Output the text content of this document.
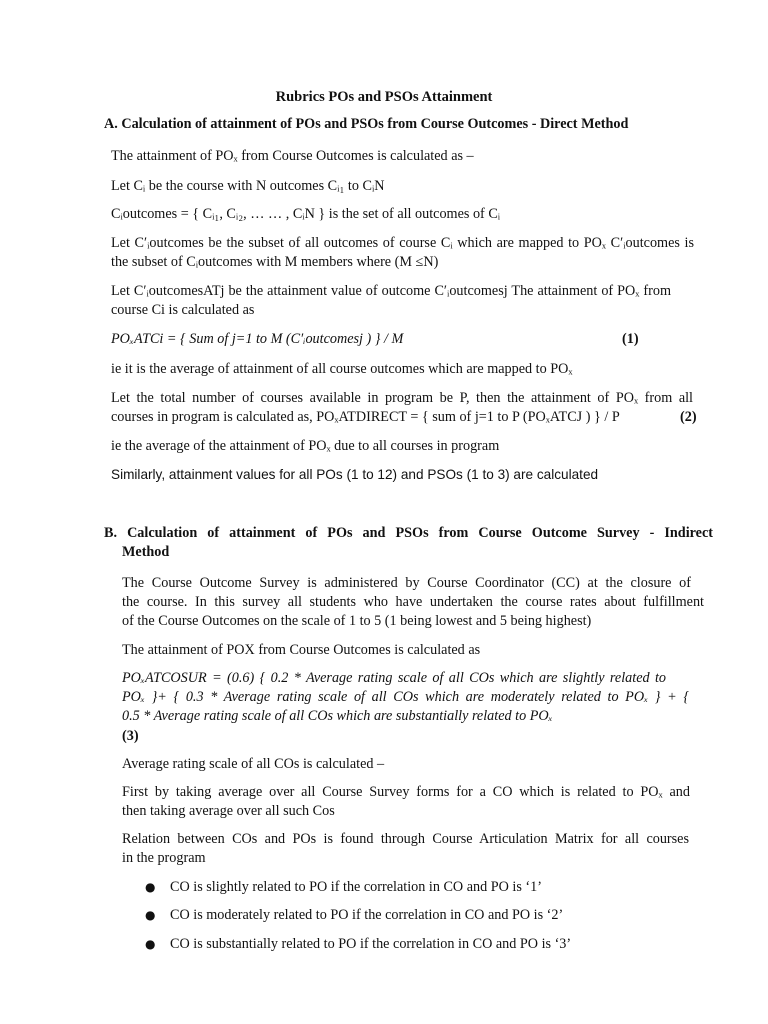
Rubrics POs and PSOs Attainment
A. Calculation of attainment of POs and PSOs from Course Outcomes - Direct Method
The attainment of POₓ from Course Outcomes is calculated as –
Let Cᵢ be the course with N outcomes Cᵢ₁ to CᵢN
Cᵢoutcomes = { Cᵢ₁, Cᵢ₂, … … , CᵢN } is the set of all outcomes of Cᵢ
Let C′ᵢoutcomes be the subset of all outcomes of course Cᵢ which are mapped to POₓ C′ᵢoutcomes is
the subset of Cᵢoutcomes with M members where (M ≤N)
Let C′ᵢoutcomesATj be the attainment value of outcome C′ᵢoutcomesj The attainment of POₓ from
course Ci is calculated as
POₓATCi = { Sum of j=1 to M (C′ᵢoutcomesj ) } / M	(1)
ie it is the average of attainment of all course outcomes which are mapped to POₓ
Let the total number of courses available in program be P, then the attainment of POₓ from all
courses in program is calculated as, POₓATDIRECT = { sum of j=1 to P (POₓATCJ ) } / P	(2)
ie the average of the attainment of POₓ due to all courses in program
Similarly, attainment values for all POs (1 to 12) and PSOs (1 to 3) are calculated
B. Calculation of attainment of POs and PSOs from Course Outcome Survey - Indirect
Method
The Course Outcome Survey is administered by Course Coordinator (CC) at the closure of
the course. In this survey all students who have undertaken the course rates about fulfillment
of the Course Outcomes on the scale of 1 to 5 (1 being lowest and 5 being highest)
The attainment of POX from Course Outcomes is calculated as
POₓATCOSUR = (0.6) { 0.2 * Average rating scale of all COs which are slightly related to
POₓ }+ { 0.3 * Average rating scale of all COs which are moderately related to POₓ } + {
0.5 * Average rating scale of all COs which are substantially related to POₓ
(3)
Average rating scale of all COs is calculated –
First by taking average over all Course Survey forms for a CO which is related to POₓ and
then taking average over all such Cos
Relation between COs and POs is found through Course Articulation Matrix for all courses
in the program
● CO is slightly related to PO if the correlation in CO and PO is ‘1’
● CO is moderately related to PO if the correlation in CO and PO is ‘2’
● CO is substantially related to PO if the correlation in CO and PO is ‘3’
